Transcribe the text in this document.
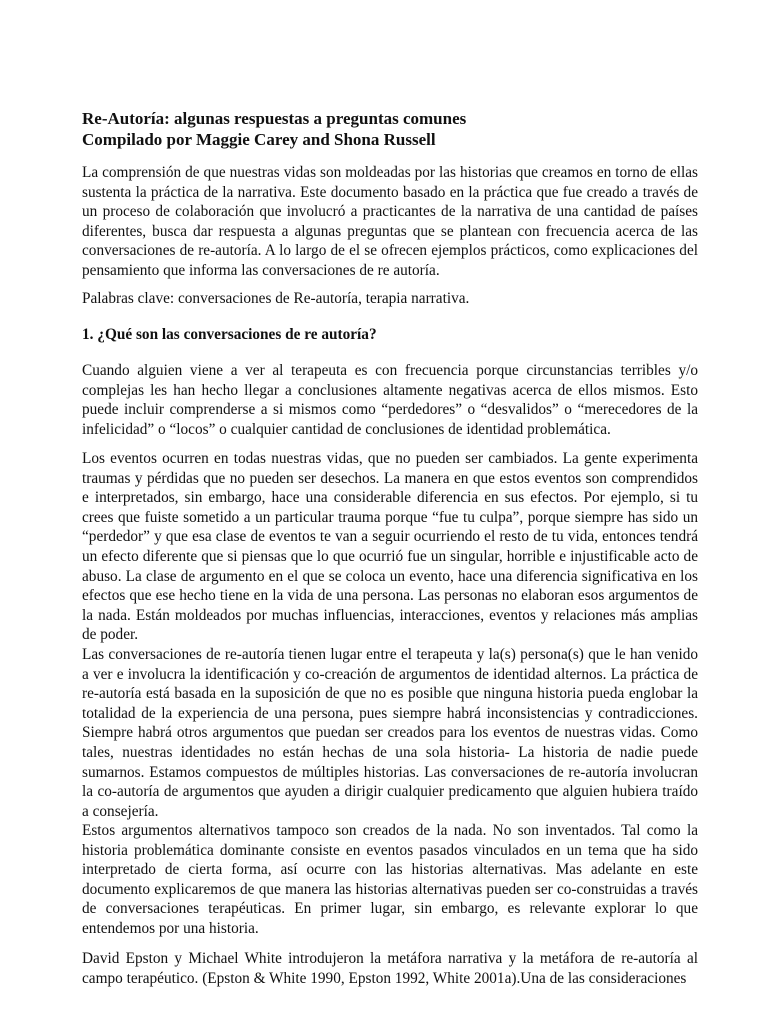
Re-Autoría: algunas respuestas a preguntas comunes
Compilado por Maggie Carey and Shona Russell

La comprensión de que nuestras vidas son moldeadas por las historias que creamos en torno de ellas sustenta la práctica de la narrativa. Este documento basado en la práctica que fue creado a través de un proceso de colaboración que involucró a practicantes de la narrativa de una cantidad de países diferentes, busca dar respuesta a algunas preguntas que se plantean con frecuencia acerca de las conversaciones de re-autoría. A lo largo de el se ofrecen ejemplos prácticos, como explicaciones del pensamiento que informa las conversaciones de re autoría.

Palabras clave: conversaciones de Re-autoría, terapia narrativa.

1. ¿Qué son las conversaciones de re autoría?

Cuando alguien viene a ver al terapeuta es con frecuencia porque circunstancias terribles y/o complejas les han hecho llegar a conclusiones altamente negativas acerca de ellos mismos. Esto puede incluir comprenderse a si mismos como “perdedores” o “desvalidos” o “merecedores de la infelicidad” o “locos” o cualquier cantidad de conclusiones de identidad problemática.

Los eventos ocurren en todas nuestras vidas, que no pueden ser cambiados. La gente experimenta traumas y pérdidas que no pueden ser desechos. La manera en que estos eventos son comprendidos e interpretados, sin embargo, hace una considerable diferencia en sus efectos. Por ejemplo, si tu crees que fuiste sometido a un particular trauma porque “fue tu culpa”, porque siempre has sido un “perdedor” y que esa clase de eventos te van a seguir ocurriendo el resto de tu vida, entonces tendrá un efecto diferente que si piensas que lo que ocurrió fue un singular, horrible e injustificable acto de abuso. La clase de argumento en el que se coloca un evento, hace una diferencia significativa en los efectos que ese hecho tiene en la vida de una persona. Las personas no elaboran esos argumentos de la nada. Están moldeados por muchas influencias, interacciones, eventos y relaciones más amplias de poder.

Las conversaciones de re-autoría tienen lugar entre el terapeuta y la(s) persona(s) que le han venido a ver e involucra la identificación y co-creación de argumentos de identidad alternos. La práctica de re-autoría está basada en la suposición de que no es posible que ninguna historia pueda englobar la totalidad de la experiencia de una persona, pues siempre habrá inconsistencias y contradicciones. Siempre habrá otros argumentos que puedan ser creados para los eventos de nuestras vidas. Como tales, nuestras identidades no están hechas de una sola historia- La historia de nadie puede sumarnos. Estamos compuestos de múltiples historias. Las conversaciones de re-autoría involucran la co-autoría de argumentos que ayuden a dirigir cualquier predicamento que alguien hubiera traído a consejería.

Estos argumentos alternativos tampoco son creados de la nada. No son inventados. Tal como la historia problemática dominante consiste en eventos pasados vinculados en un tema que ha sido interpretado de cierta forma, así ocurre con las historias alternativas. Mas adelante en este documento explicaremos de que manera las historias alternativas pueden ser co-construidas a través de conversaciones terapéuticas. En primer lugar, sin embargo, es relevante explorar lo que entendemos por una historia.

David Epston y Michael White introdujeron la metáfora narrativa y la metáfora de re-autoría al campo terapéutico. (Epston & White 1990, Epston 1992, White 2001a).Una de las consideraciones
